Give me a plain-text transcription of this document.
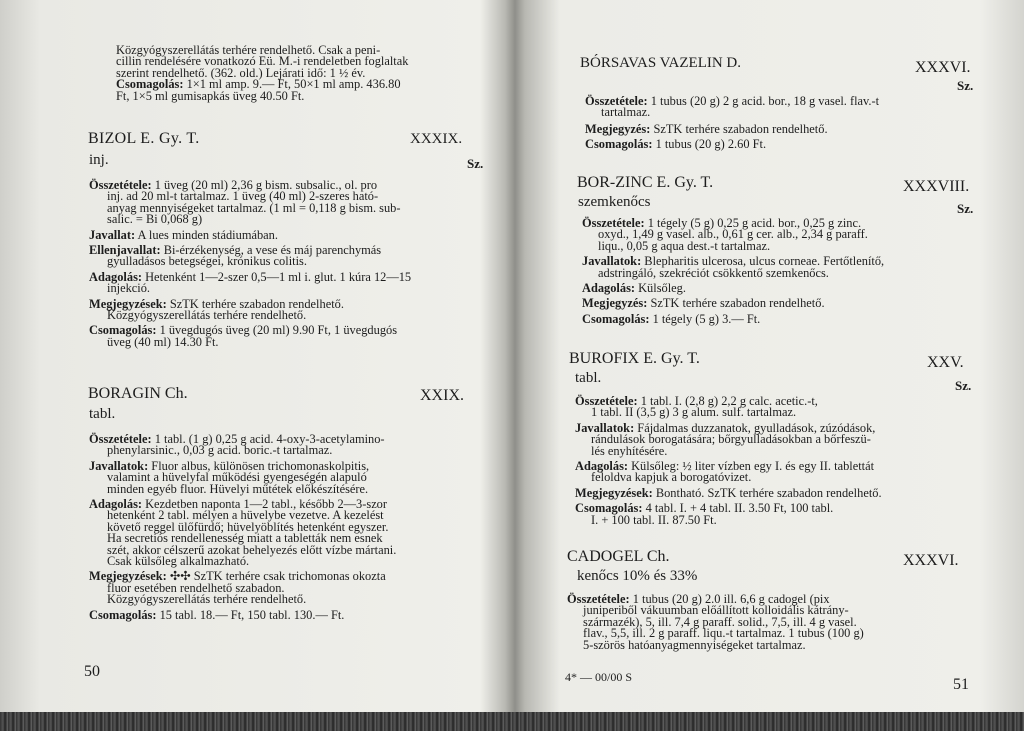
Közgyógyszerellátás terhére rendelhető. Csak a peni-
cillin rendelésére vonatkozó Eü. M.-i rendeletben foglaltak
szerint rendelhető. (362. old.) Lejárati idő: 1 ½ év.
Csomagolás: 1×1 ml amp. 9.— Ft, 50×1 ml amp. 436.80
Ft, 1×5 ml gumisapkás üveg 40.50 Ft.
BIZOL E. Gy. T.	XXXIX.
inj.	Sz.
Összetétele: 1 üveg (20 ml) 2,36 g bism. subsalic., ol. pro
inj. ad 20 ml-t tartalmaz. 1 üveg (40 ml) 2-szeres ható-
anyag mennyiségeket tartalmaz. (1 ml = 0,118 g bism. sub-
salic. = Bi 0,068 g)
Javallat: A lues minden stádiumában.
Ellenjavallat: Bi-érzékenység, a vese és máj parenchymás
gyulladásos betegségei, krónikus colitis.
Adagolás: Hetenként 1—2-szer 0,5—1 ml i. glut. 1 kúra 12—15
injekció.
Megjegyzések: SzTK terhére szabadon rendelhető.
Közgyógyszerellátás terhére rendelhető.
Csomagolás: 1 üvegdugós üveg (20 ml) 9.90 Ft, 1 üvegdugós
üveg (40 ml) 14.30 Ft.
BORAGIN Ch.	XXIX.
tabl.
Összetétele: 1 tabl. (1 g) 0,25 g acid. 4-oxy-3-acetylamino-
phenylarsinic., 0,03 g acid. boric.-t tartalmaz.
Javallatok: Fluor albus, különösen trichomonaskolpitis,
valamint a hüvelyfal működési gyengeségén alapuló
minden egyéb fluor. Hüvelyi műtétek előkészítésére.
Adagolás: Kezdetben naponta 1—2 tabl., később 2—3-szor
hetenként 2 tabl. mélyen a hüvelybe vezetve. A kezelést
követő reggel ülőfürdő; hüvelyöblítés hetenként egyszer.
Ha secretiós rendellenesség miatt a tabletták nem esnek
szét, akkor célszerű azokat behelyezés előtt vízbe mártani.
Csak külsőleg alkalmazható.
Megjegyzések: ✣✣ SzTK terhére csak trichomonas okozta
fluor esetében rendelhető szabadon.
Közgyógyszerellátás terhére rendelhető.
Csomagolás: 15 tabl. 18.— Ft, 150 tabl. 130.— Ft.
50
BÓRSAVAS VAZELIN D.	XXXVI.
Sz.
Összetétele: 1 tubus (20 g) 2 g acid. bor., 18 g vasel. flav.-t
tartalmaz.
Megjegyzés: SzTK terhére szabadon rendelhető.
Csomagolás: 1 tubus (20 g) 2.60 Ft.
BOR-ZINC E. Gy. T.	XXXVIII.
szemkenőcs	Sz.
Összetétele: 1 tégely (5 g) 0,25 g acid. bor., 0,25 g zinc.
oxyd., 1,49 g vasel. alb., 0,61 g cer. alb., 2,34 g paraff.
liqu., 0,05 g aqua dest.-t tartalmaz.
Javallatok: Blepharitis ulcerosa, ulcus corneae. Fertőtlenítő,
adstringáló, szekréciót csökkentő szemkenőcs.
Adagolás: Külsőleg.
Megjegyzés: SzTK terhére szabadon rendelhető.
Csomagolás: 1 tégely (5 g) 3.— Ft.
BUROFIX E. Gy. T.	XXV.
tabl.	Sz.
Összetétele: 1 tabl. I. (2,8 g) 2,2 g calc. acetic.-t,
1 tabl. II (3,5 g) 3 g alum. sulf. tartalmaz.
Javallatok: Fájdalmas duzzanatok, gyulladások, zúzódások,
rándulások borogatására; bőrgyulladásokban a bőrfeszü-
lés enyhítésére.
Adagolás: Külsőleg: ½ liter vízben egy I. és egy II. tablettát
feloldva kapjuk a borogatóvizet.
Megjegyzések: Bontható. SzTK terhére szabadon rendelhető.
Csomagolás: 4 tabl. I. + 4 tabl. II. 3.50 Ft, 100 tabl.
I. + 100 tabl. II. 87.50 Ft.
CADOGEL Ch.	XXXVI.
kenőcs 10% és 33%
Összetétele: 1 tubus (20 g) 2.0 ill. 6,6 g cadogel (pix
juniperiből vákuumban előállított kolloidális kátrány-
származék), 5, ill. 7,4 g paraff. solid., 7,5, ill. 4 g vasel.
flav., 5,5, ill. 2 g paraff. liqu.-t tartalmaz. 1 tubus (100 g)
5-szörös hatóanyagmennyiségeket tartalmaz.
4* — 00/00 S	51
